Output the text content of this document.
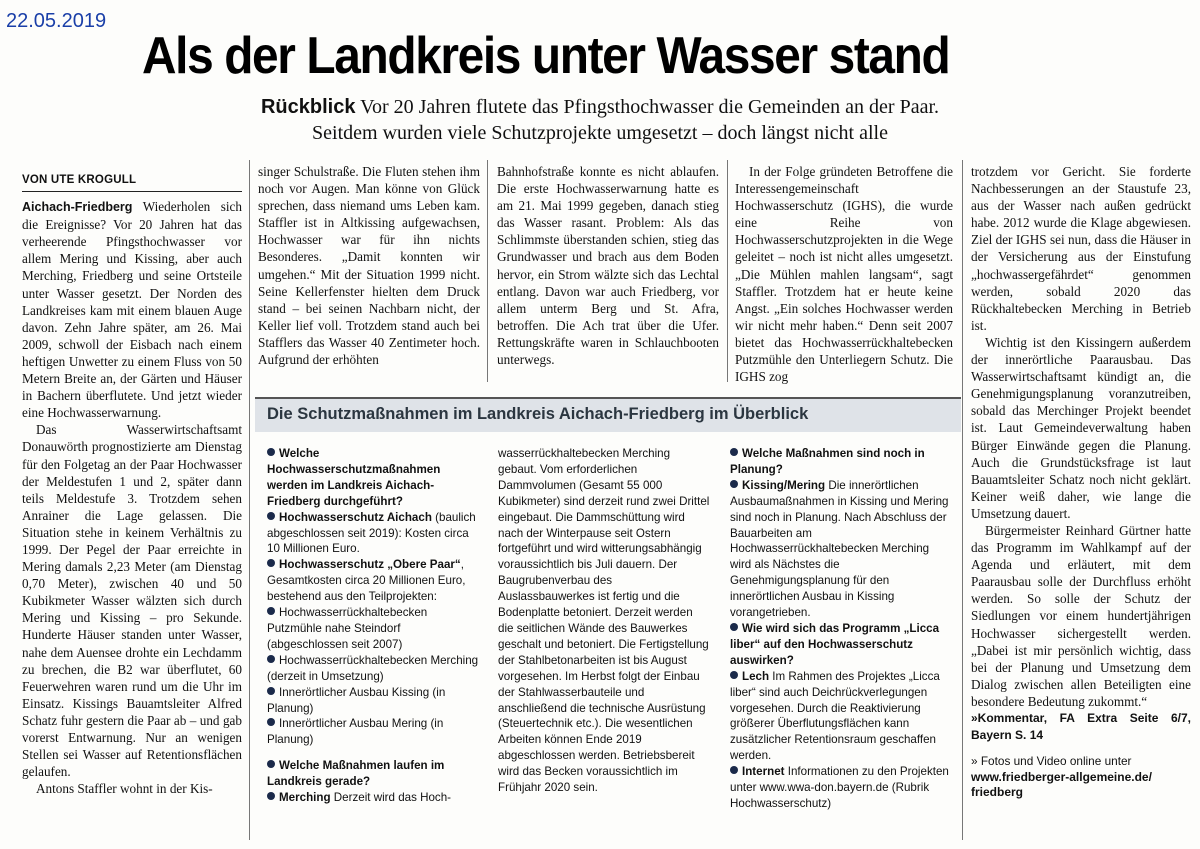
22.05.2019
Als der Landkreis unter Wasser stand
Rückblick Vor 20 Jahren flutete das Pfingsthochwasser die Gemeinden an der Paar.
Seitdem wurden viele Schutzprojekte umgesetzt – doch längst nicht alle
VON UTE KROGULL

Aichach-Friedberg Wiederholen sich die Ereignisse? Vor 20 Jahren hat das verheerende Pfingsthochwasser vor allem Mering und Kissing, aber auch Merching, Friedberg und seine Ortsteile unter Wasser gesetzt. Der Norden des Landkreises kam mit einem blauen Auge davon. Zehn Jahre später, am 26. Mai 2009, schwoll der Eisbach nach einem heftigen Unwetter zu einem Fluss von 50 Metern Breite an, der Gärten und Häuser in Bachern überflutete. Und jetzt wieder eine Hochwasserwarnung.

Das Wasserwirtschaftsamt Donauwörth prognostizierte am Dienstag für den Folgetag an der Paar Hochwasser der Meldestufen 1 und 2, später dann teils Meldestufe 3. Trotzdem sehen Anrainer die Lage gelassen. Die Situation stehe in keinem Verhältnis zu 1999. Der Pegel der Paar erreichte in Mering damals 2,23 Meter (am Dienstag 0,70 Meter), zwischen 40 und 50 Kubikmeter Wasser wälzten sich durch Mering und Kissing – pro Sekunde. Hunderte Häuser standen unter Wasser, nahe dem Auensee drohte ein Lechdamm zu brechen, die B2 war überflutet, 60 Feuerwehren waren rund um die Uhr im Einsatz. Kissings Bauamtsleiter Alfred Schatz fuhr gestern die Paar ab – und gab vorerst Entwarnung. Nur an wenigen Stellen sei Wasser auf Retentionsflächen gelaufen.

Antons Staffler wohnt in der Kis-

singer Schulstraße. Die Fluten stehen ihm noch vor Augen. Man könne von Glück sprechen, dass niemand ums Leben kam. Staffler ist in Altkissing aufgewachsen, Hochwasser war für ihn nichts Besonderes. „Damit konnten wir umgehen.“ Mit der Situation 1999 nicht. Seine Kellerfenster hielten dem Druck stand – bei seinen Nachbarn nicht, der Keller lief voll. Trotzdem stand auch bei Stafflers das Wasser 40 Zentimeter hoch. Aufgrund der erhöhten

Bahnhofstraße konnte es nicht ablaufen. Die erste Hochwasserwarnung hatte es am 21. Mai 1999 gegeben, danach stieg das Wasser rasant. Problem: Als das Schlimmste überstanden schien, stieg das Grundwasser und brach aus dem Boden hervor, ein Strom wälzte sich das Lechtal entlang. Davon war auch Friedberg, vor allem unterm Berg und St. Afra, betroffen. Die Ach trat über die Ufer. Rettungskräfte waren in Schlauchbooten unterwegs.

In der Folge gründeten Betroffene die Interessengemeinschaft Hochwasserschutz (IGHS), die wurde eine Reihe von Hochwasserschutzprojekten in die Wege geleitet – noch ist nicht alles umgesetzt. „Die Mühlen mahlen langsam“, sagt Staffler. Trotzdem hat er heute keine Angst. „Ein solches Hochwasser werden wir nicht mehr haben.“ Denn seit 2007 bietet das Hochwasserrückhaltebecken Putzmühle den Unterliegern Schutz. Die IGHS zog

trotzdem vor Gericht. Sie forderte Nachbesserungen an der Staustufe 23, aus der Wasser nach außen gedrückt habe. 2012 wurde die Klage abgewiesen. Ziel der IGHS sei nun, dass die Häuser in der Versicherung aus der Einstufung „hochwassergefährdet“ genommen werden, sobald 2020 das Rückhaltebecken Merching in Betrieb ist.

Wichtig ist den Kissingern außerdem der innerörtliche Paarausbau. Das Wasserwirtschaftsamt kündigt an, die Genehmigungsplanung voranzutreiben, sobald das Merchinger Projekt beendet ist. Laut Gemeindeverwaltung haben Bürger Einwände gegen die Planung. Auch die Grundstücksfrage ist laut Bauamtsleiter Schatz noch nicht geklärt. Keiner weiß daher, wie lange die Umsetzung dauert.

Bürgermeister Reinhard Gürtner hatte das Programm im Wahlkampf auf der Agenda und erläutert, mit dem Paarausbau solle der Durchfluss erhöht werden. So solle der Schutz der Siedlungen vor einem hundertjährigen Hochwasser sichergestellt werden. „Dabei ist mir persönlich wichtig, dass bei der Planung und Umsetzung dem Dialog zwischen allen Beteiligten eine besondere Bedeutung zukommt.“

»Kommentar, FA Extra Seite 6/7, Bayern S. 14

» Fotos und Video online unter

www.friedberger-allgemeine.de/ friedberg

Die Schutzmaßnahmen im Landkreis Aichach-Friedberg im Überblick

Welche Hochwasserschutzmaßnahmen werden im Landkreis Aichach-Friedberg durchgeführt?

Hochwasserschutz Aichach (baulich abgeschlossen seit 2019): Kosten circa 10 Millionen Euro.

Hochwasserschutz „Obere Paar“, Gesamtkosten circa 20 Millionen Euro, bestehend aus den Teilprojekten:

Hochwasserrückhaltebecken Putzmühle nahe Steindorf (abgeschlossen seit 2007)

Hochwasserrückhaltebecken Merching (derzeit in Umsetzung)

Innerörtlicher Ausbau Kissing (in Planung)

Innerörtlicher Ausbau Mering (in Planung)

Welche Maßnahmen laufen im Landkreis gerade?

Merching Derzeit wird das Hoch-

wasserrückhaltebecken Merching gebaut. Vom erforderlichen Dammvolumen (Gesamt 55 000 Kubikmeter) sind derzeit rund zwei Drittel eingebaut. Die Dammschüttung wird nach der Winterpause seit Ostern fortgeführt und wird witterungsabhängig voraussichtlich bis Juli dauern. Der Baugrubenverbau des Auslassbauwerkes ist fertig und die Bodenplatte betoniert. Derzeit werden die seitlichen Wände des Bauwerkes geschalt und betoniert. Die Fertigstellung der Stahlbetonarbeiten ist bis August vorgesehen. Im Herbst folgt der Einbau der Stahlwasserbauteile und anschließend die technische Ausrüstung (Steuertechnik etc.). Die wesentlichen Arbeiten können Ende 2019 abgeschlossen werden. Betriebsbereit wird das Becken voraussichtlich im Frühjahr 2020 sein.

Welche Maßnahmen sind noch in Planung?

Kissing/Mering Die innerörtlichen Ausbaumaßnahmen in Kissing und Mering sind noch in Planung. Nach Abschluss der Bauarbeiten am Hochwasserrückhaltebecken Merching wird als Nächstes die Genehmigungsplanung für den innerörtlichen Ausbau in Kissing vorangetrieben.

Wie wird sich das Programm „Licca liber“ auf den Hochwasserschutz auswirken?

Lech Im Rahmen des Projektes „Licca liber“ sind auch Deichrückverlegungen vorgesehen. Durch die Reaktivierung größerer Überflutungsflächen kann zusätzlicher Retentionsraum geschaffen werden.

Internet Informationen zu den Projekten unter www.wwa-don.bayern.de (Rubrik Hochwasserschutz)
